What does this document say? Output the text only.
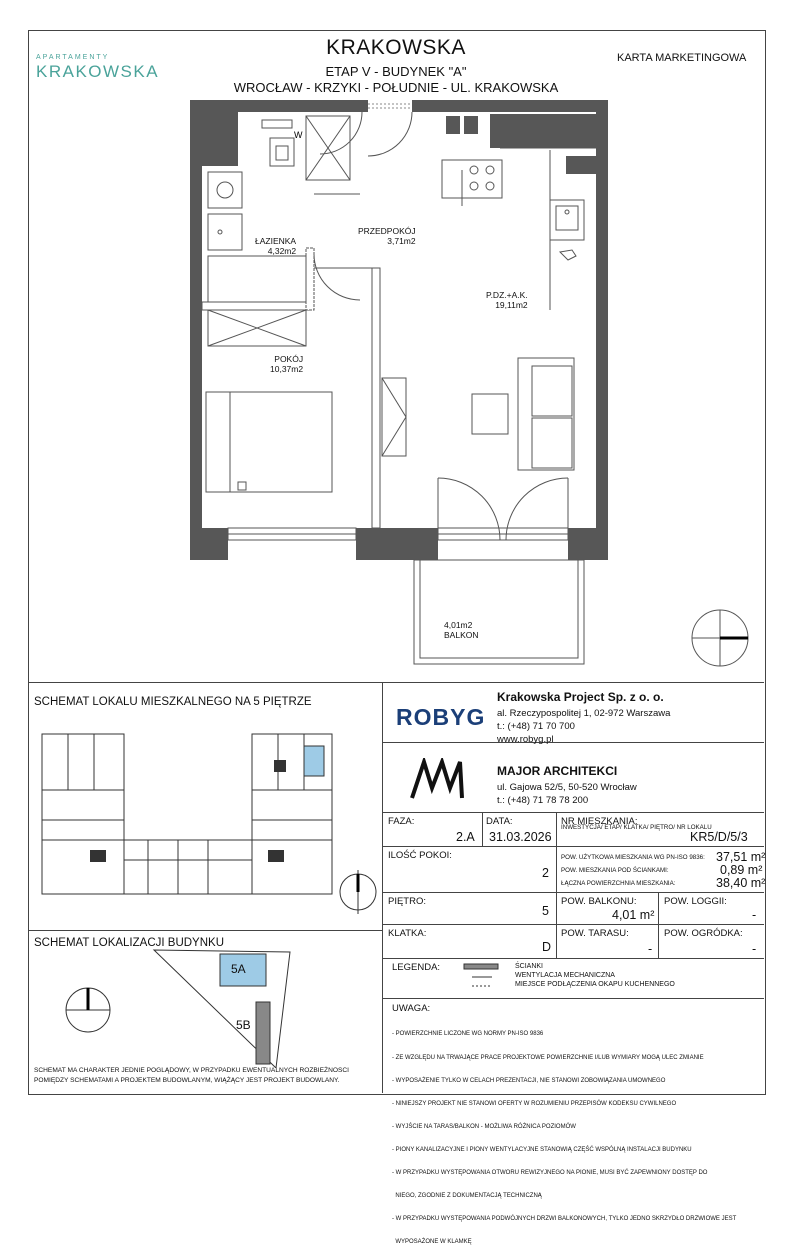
APARTAMENTY
KRAKOWSKA
KRAKOWSKA
ETAP V - BUDYNEK "A"
WROCŁAW - KRZYKI - POŁUDNIE - UL. KRAKOWSKA
KARTA MARKETINGOWA
W
ŁAZIENKA
4,32m2
PRZEDPOKÓJ
3,71m2
P.DZ.+A.K.
19,11m2
POKÓJ
10,37m2
4,01m2
BALKON
SCHEMAT LOKALU MIESZKALNEGO NA 5 PIĘTRZE
SCHEMAT LOKALIZACJI BUDYNKU
5A
5B
SCHEMAT MA CHARAKTER JEDNIE POGLĄDOWY, W PRZYPADKU EWENTUALNYCH ROZBIEŻNOSCI
POMIĘDZY SCHEMATAMI A PROJEKTEM BUDOWLANYM, WIĄŻĄCY JEST PROJEKT BUDOWLANY.
ROBYG
Krakowska Project Sp. z o. o.
al. Rzeczypospolitej 1, 02-972 Warszawa
t.: (+48) 71 70 700
www.robyg.pl
MAJOR ARCHITEKCI
ul. Gajowa 52/5, 50-520 Wrocław
t.: (+48) 71 78 78 200
FAZA:
2.A
DATA:
31.03.2026
NR MIESZKANIA:
INWESTYCJA/ ETAP/ KLATKA/ PIĘTRO/ NR LOKALU
KR5/D/5/3
ILOŚĆ POKOI:
2
POW. UŻYTKOWA MIESZKANIA WG PN-ISO 9836: 37,51 m²
POW. MIESZKANIA POD ŚCIANKAMI:	0,89 m²
ŁĄCZNA POWIERZCHNIA MIESZKANIA:	38,40 m²
PIĘTRO:
5
POW. BALKONU:
4,01 m²
POW. LOGGII:
-
KLATKA:
D
POW. TARASU:
-
POW. OGRÓDKA:
-
LEGENDA:	ŚCIANKI
WENTYLACJA MECHANICZNA
MIEJSCE PODŁĄCZENIA OKAPU KUCHENNEGO
UWAGA:

- POWIERZCHNIE LICZONE WG NORMY PN-ISO 9836

- ZE WZGLĘDU NA TRWAJĄCE PRACE PROJEKTOWE POWIERZCHNIE I/LUB WYMIARY MOGĄ ULEC ZMIANIE

- WYPOSAŻENIE TYLKO W CELACH PREZENTACJI, NIE STANOWI ZOBOWIĄZANIA UMOWNEGO

- NINIEJSZY PROJEKT NIE STANOWI OFERTY W ROZUMIENIU PRZEPISÓW KODEKSU CYWILNEGO

- WYJŚCIE NA TARAS/BALKON - MOŻLIWA RÓŻNICA POZIOMÓW

- PIONY KANALIZACYJNE I PIONY WENTYLACYJNE STANOWIĄ CZĘŚĆ WSPÓLNĄ INSTALACJI BUDYNKU

- W PRZYPADKU WYSTĘPOWANIA OTWORU REWIZYJNEGO NA PIONIE, MUSI BYĆ ZAPEWNIONY DOSTĘP DO

NIEGO, ZGODNIE Z DOKUMENTACJĄ TECHNICZNĄ

- W PRZYPADKU WYSTĘPOWANIA PODWÓJNYCH DRZWI BALKONOWYCH, TYLKO JEDNO SKRZYDŁO DRZWIOWE JEST

WYPOSAŻONE W KLAMKĘ
